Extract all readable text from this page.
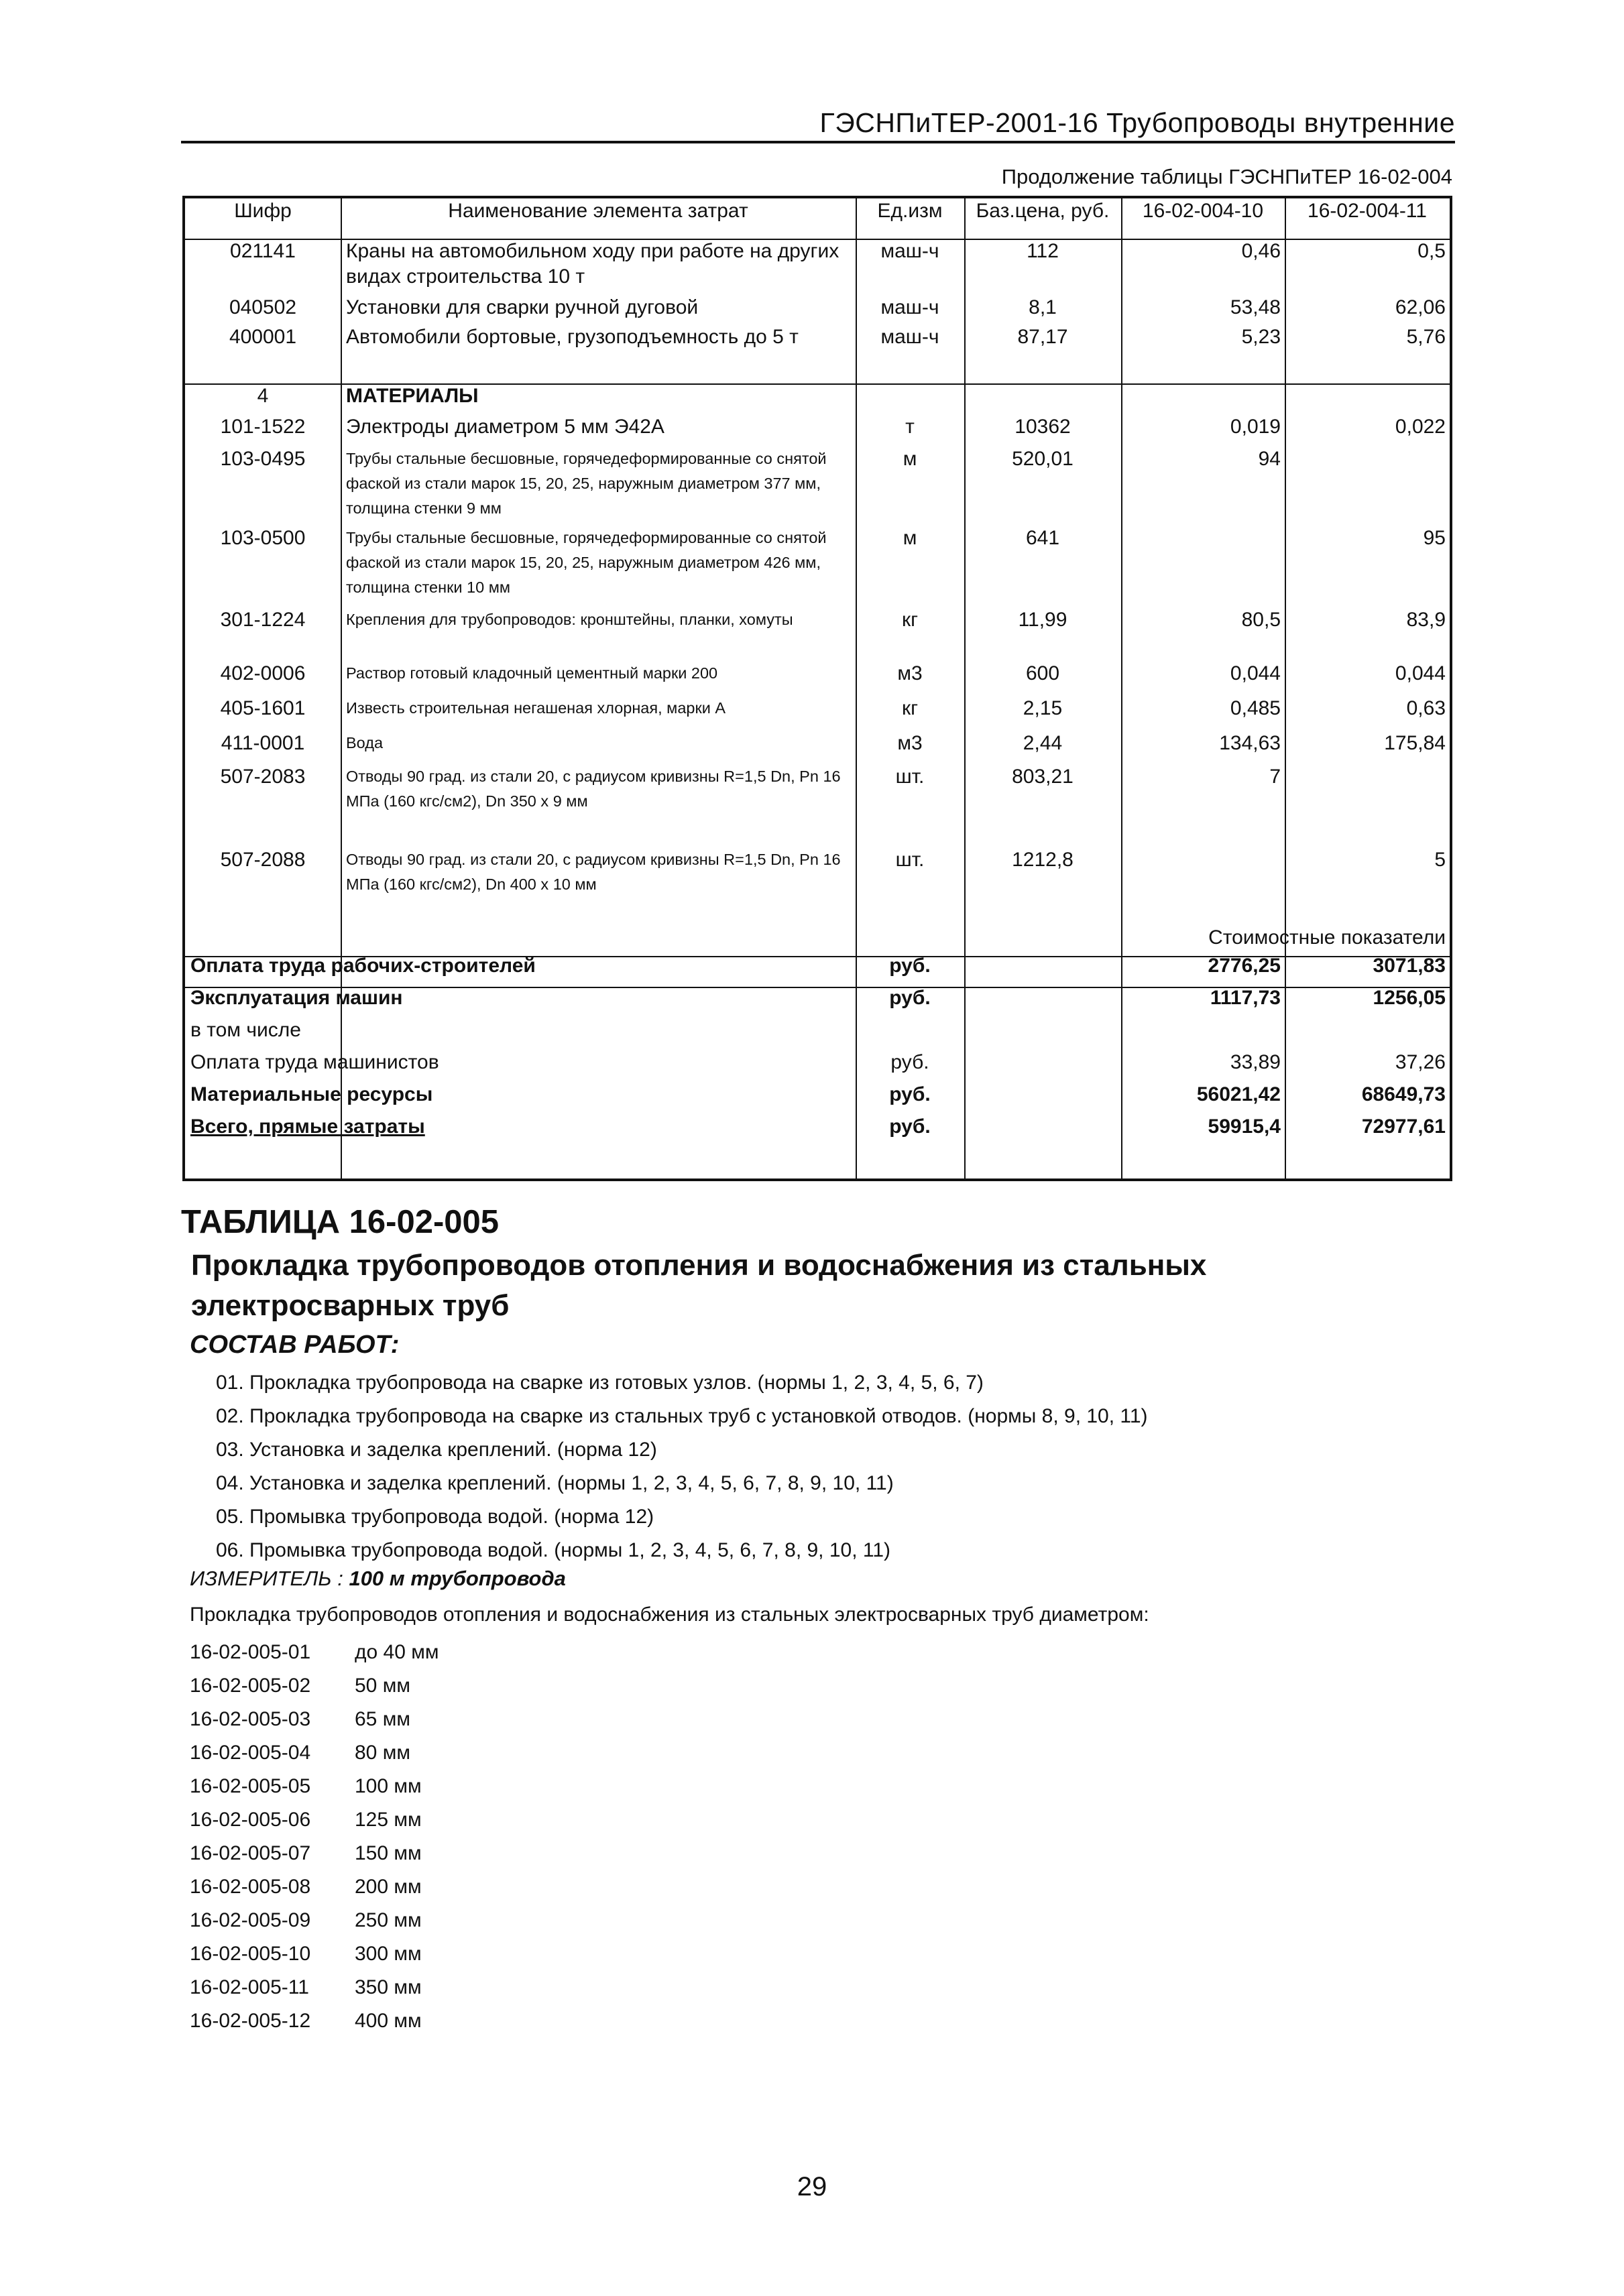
ГЭСНПиТЕР-2001-16 Трубопроводы внутренние
Продолжение таблицы ГЭСНПиТЕР 16-02-004
Шифр	Наименование элемента затрат	Ед.изм	Баз.цена, руб.	16-02-004-10	16-02-004-11
021141	Краны на автомобильном ходу при работе на других видах строительства 10 т	маш-ч	112	0,46	0,5
040502	Установки для сварки ручной дуговой	маш-ч	8,1	53,48	62,06
400001	Автомобили бортовые, грузоподъемность до 5 т	маш-ч	87,17	5,23	5,76

4	МАТЕРИАЛЫ				
101-1522	Электроды диаметром 5 мм Э42А	т	10362	0,019	0,022
103-0495	Трубы стальные бесшовные, горячедеформированные со снятой фаской из стали марок 15, 20, 25, наружным диаметром 377 мм, толщина стенки 9 мм	м	520,01	94	
103-0500	Трубы стальные бесшовные, горячедеформированные со снятой фаской из стали марок 15, 20, 25, наружным диаметром 426 мм, толщина стенки 10 мм	м	641		95
301-1224	Крепления для трубопроводов: кронштейны, планки, хомуты	кг	11,99	80,5	83,9
402-0006	Раствор готовый кладочный цементный марки 200	м3	600	0,044	0,044
405-1601	Известь строительная негашеная хлорная, марки А	кг	2,15	0,485	0,63
411-0001	Вода	м3	2,44	134,63	175,84
507-2083	Отводы 90 град. из стали 20, с радиусом кривизны R=1,5 Dn, Pn 16 МПа (160 кгс/см2), Dn 350 x 9 мм	шт.	803,21	7	
507-2088	Отводы 90 град. из стали 20, с радиусом кривизны R=1,5 Dn, Pn 16 МПа (160 кгс/см2), Dn 400 x 10 мм	шт.	1212,8		5
				Стоимостные показатели	
Оплата труда рабочих-строителей		руб.		2776,25	3071,83
Эксплуатация машин		руб.		1117,73	1256,05
в том числе					
Оплата труда машинистов		руб.		33,89	37,26
Материальные ресурсы		руб.		56021,42	68649,73
Всего, прямые затраты		руб.		59915,4	72977,61
ТАБЛИЦА 16-02-005
Прокладка трубопроводов отопления и водоснабжения из стальных электросварных труб
СОСТАВ РАБОТ:
01. Прокладка трубопровода на сварке из готовых узлов. (нормы 1, 2, 3, 4, 5, 6, 7)
02. Прокладка трубопровода на сварке из стальных труб с установкой отводов. (нормы 8, 9, 10, 11)
03. Установка и заделка креплений. (норма 12)
04. Установка и заделка креплений. (нормы 1, 2, 3, 4, 5, 6, 7, 8, 9, 10, 11)
05. Промывка трубопровода водой. (норма 12)
06. Промывка трубопровода водой. (нормы 1, 2, 3, 4, 5, 6, 7, 8, 9, 10, 11)
ИЗМЕРИТЕЛЬ : 100 м трубопровода
Прокладка трубопроводов отопления и водоснабжения из стальных электросварных труб диаметром:
16-02-005-01 до 40 мм
16-02-005-02 50 мм
16-02-005-03 65 мм
16-02-005-04 80 мм
16-02-005-05 100 мм
16-02-005-06 125 мм
16-02-005-07 150 мм
16-02-005-08 200 мм
16-02-005-09 250 мм
16-02-005-10 300 мм
16-02-005-11 350 мм
16-02-005-12 400 мм
29
